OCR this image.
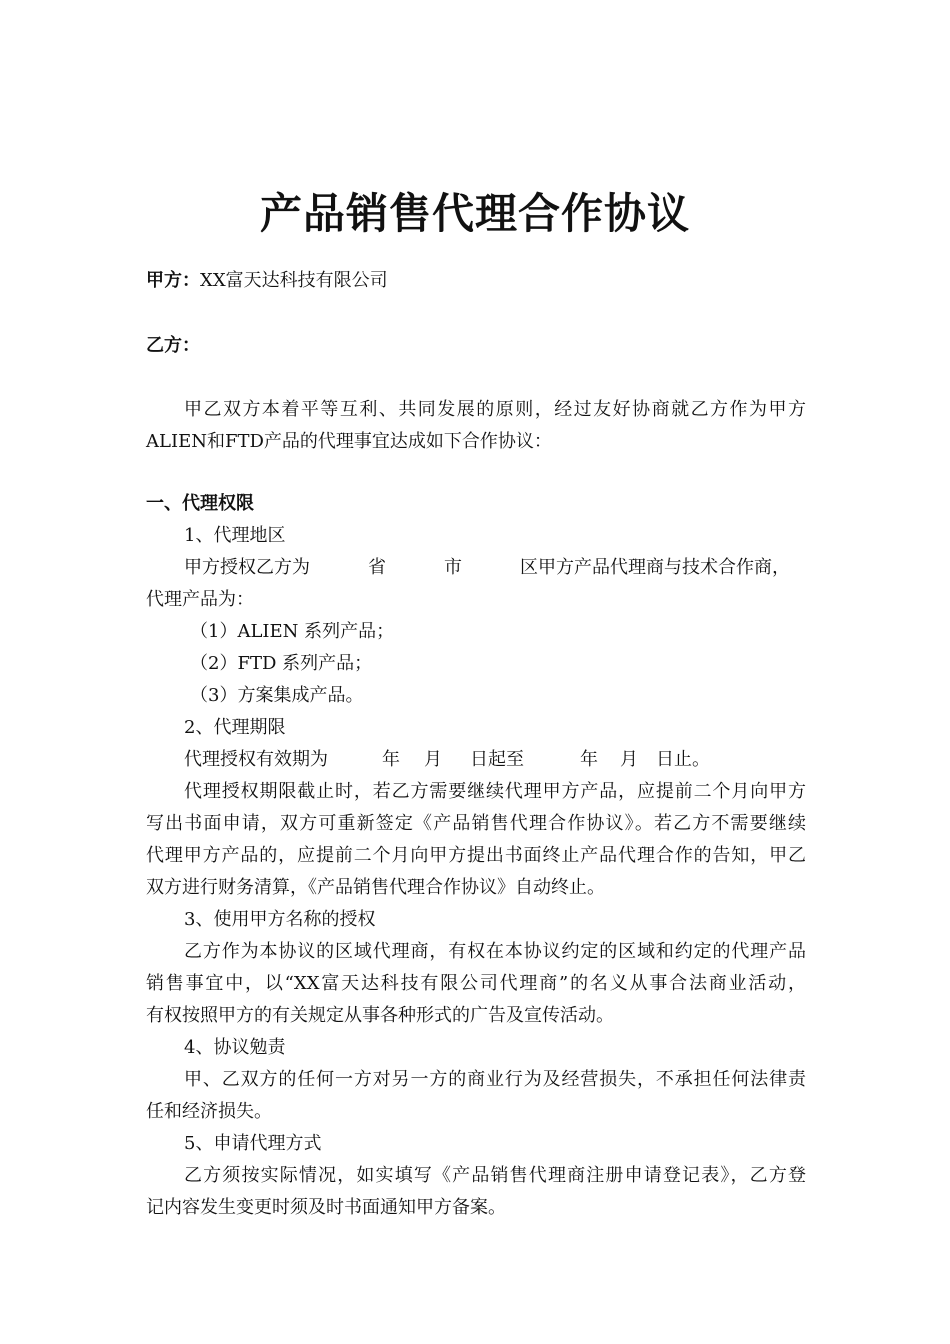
产品销售代理合作协议
甲方：XX富天达科技有限公司
乙方：
甲乙双方本着平等互利、共同发展的原则，经过友好协商就乙方作为甲方
ALIEN和FTD产品的代理事宜达成如下合作协议：
一、代理权限
1、代理地区
甲方授权乙方为	省	市	区甲方产品代理商与技术合作商，
代理产品为：
（1）ALIEN 系列产品；
（2）FTD 系列产品；
（3）方案集成产品。
2、代理期限
代理授权有效期为	年 月 日起至	年 月 日止。
代理授权期限截止时，若乙方需要继续代理甲方产品，应提前二个月向甲方
写出书面申请，双方可重新签定《产品销售代理合作协议》。若乙方不需要继续
代理甲方产品的，应提前二个月向甲方提出书面终止产品代理合作的告知，甲乙
双方进行财务清算，《产品销售代理合作协议》自动终止。
3、使用甲方名称的授权
乙方作为本协议的区域代理商，有权在本协议约定的区域和约定的代理产品
销售事宜中，以“XX富天达科技有限公司代理商”的名义从事合法商业活动，
有权按照甲方的有关规定从事各种形式的广告及宣传活动。
4、协议勉责
甲、乙双方的任何一方对另一方的商业行为及经营损失，不承担任何法律责
任和经济损失。
5、申请代理方式
乙方须按实际情况，如实填写《产品销售代理商注册申请登记表》，乙方登
记内容发生变更时须及时书面通知甲方备案。
